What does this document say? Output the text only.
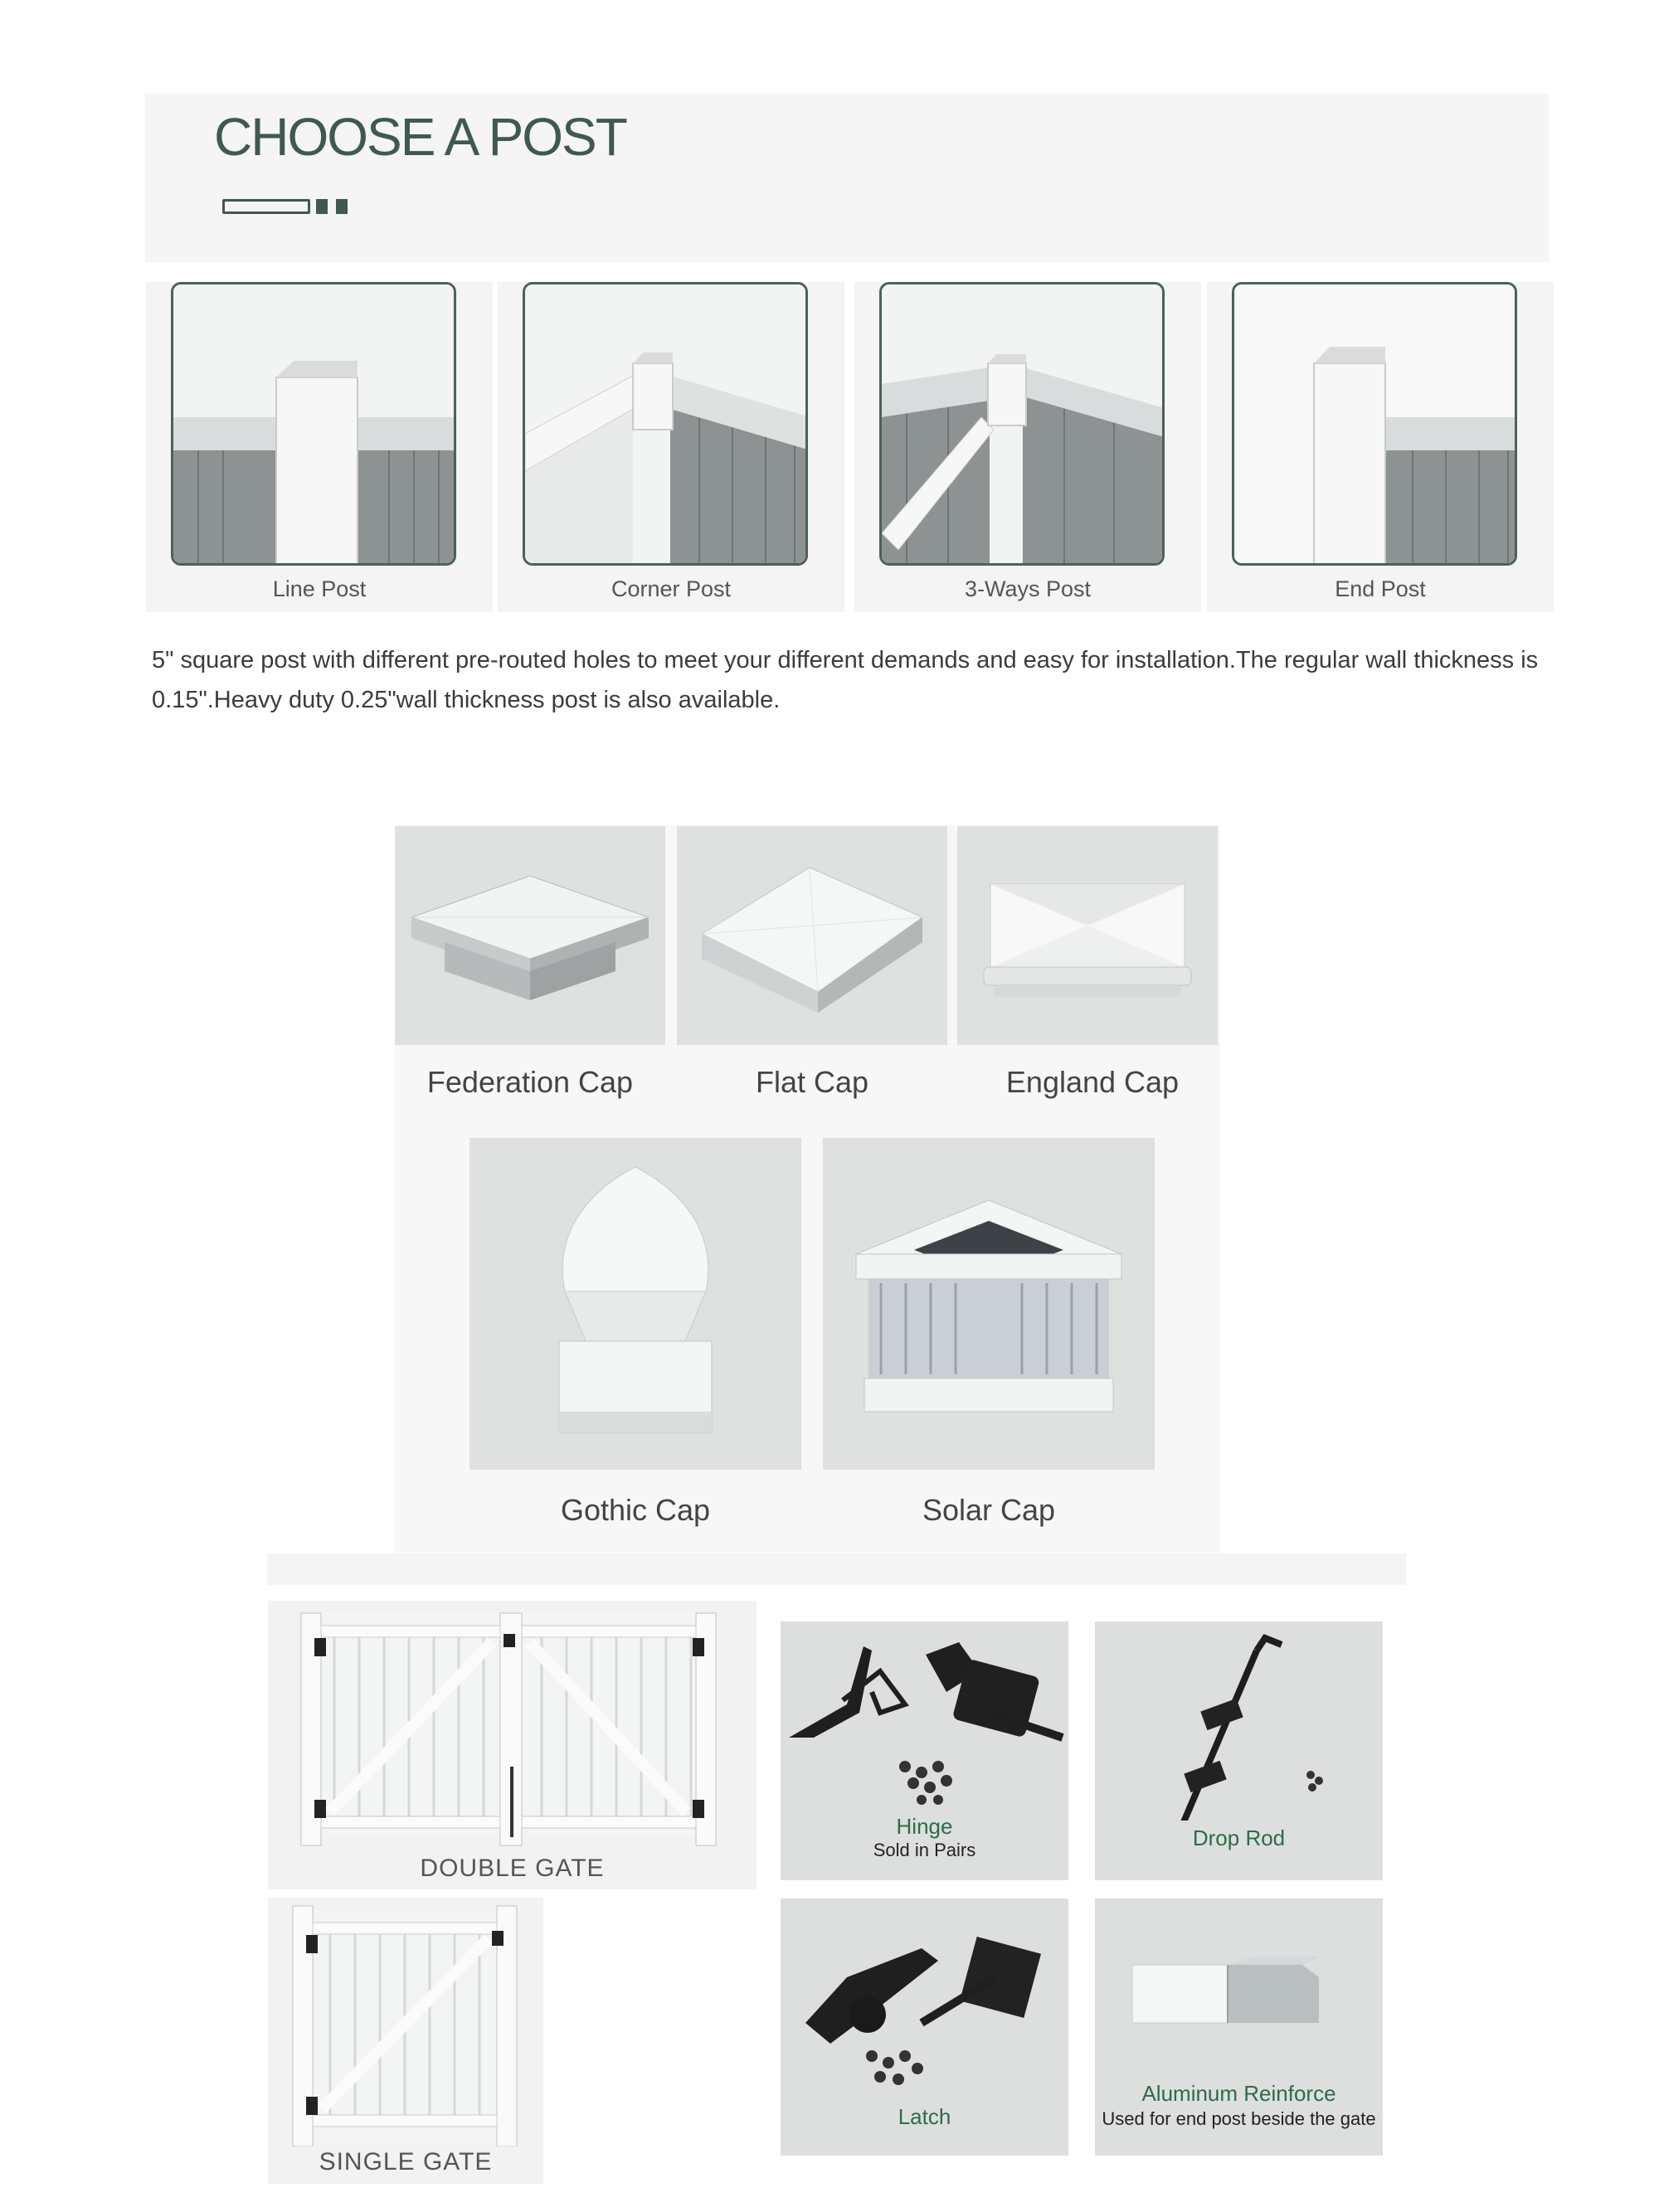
CHOOSE A POST
Line Post	Corner Post	3-Ways Post	End Post

5" square post with different pre-routed holes to meet your different demands and easy for installation.The regular wall thickness is 0.15".Heavy duty 0.25"wall thickness post is also available.

Federation Cap	Flat Cap	England Cap
Gothic Cap	Solar Cap
DOUBLE GATE
SINGLE GATE
Hinge
Sold in Pairs	Drop Rod
Latch
Aluminum Reinforce
Used for end post beside the gate
